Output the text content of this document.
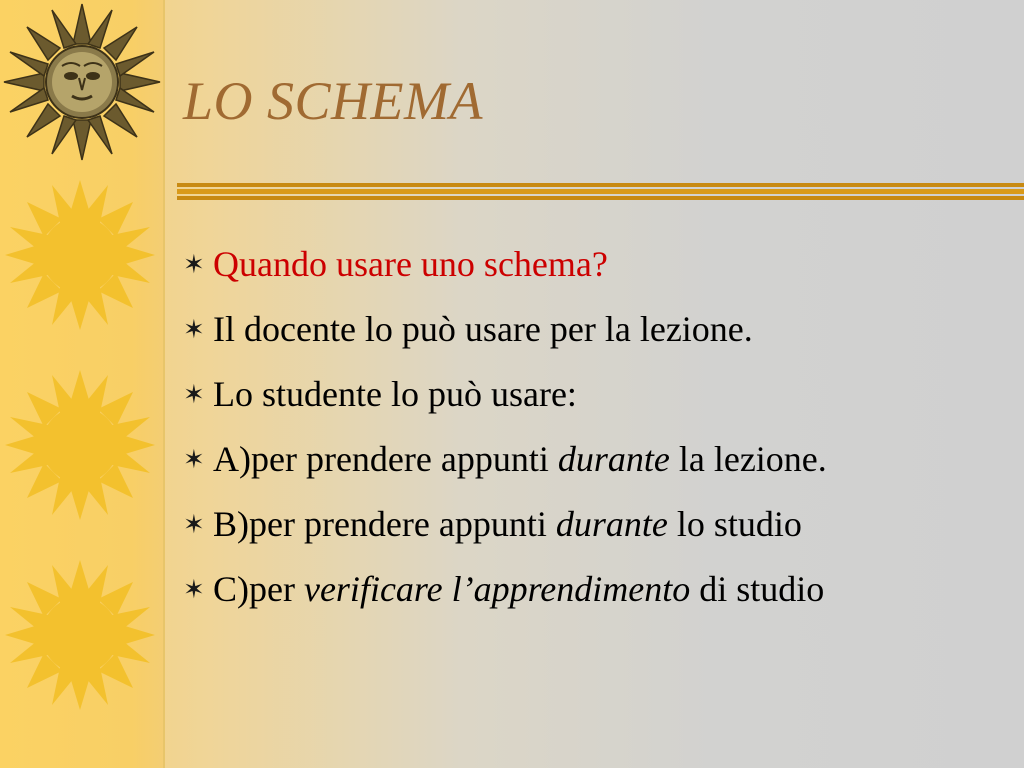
LO SCHEMA
✶ Quando usare uno schema?
✶ Il docente lo può usare per la lezione.
✶ Lo studente lo può usare:
✶ A)per prendere appunti durante la lezione.
✶ B)per prendere appunti durante lo studio
✶ C)per verificare l’apprendimento di studio
